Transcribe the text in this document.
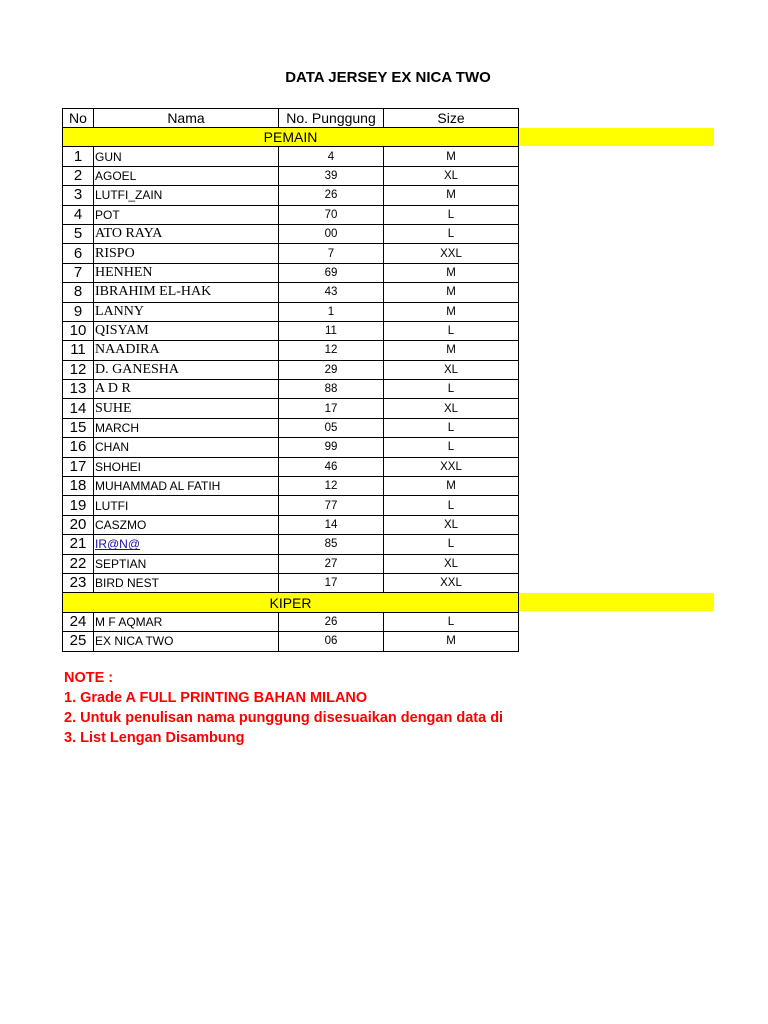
DATA JERSEY EX NICA TWO
No	Nama	No. Punggung	Size
PEMAIN			
1	GUN	4	M
2	AGOEL	39	XL
3	LUTFI_ZAIN	26	M
4	POT	70	L
5	ATO RAYA	00	L
6	RISPO	7	XXL
7	HENHEN	69	M
8	IBRAHIM EL-HAK	43	M
9	LANNY	1	M
10	QISYAM	11	L
11	NAADIRA	12	M
12	D. GANESHA	29	XL
13	A D R	88	L
14	SUHE	17	XL
15	MARCH	05	L
16	CHAN	99	L
17	SHOHEI	46	XXL
18	MUHAMMAD AL FATIH	12	M
19	LUTFI	77	L
20	CASZMO	14	XL
21	IR@N@	85	L
22	SEPTIAN	27	XL
23	BIRD NEST	17	XXL
KIPER			
24	M F AQMAR	26	L
25	EX NICA TWO	06	M
NOTE :
1. Grade A FULL PRINTING BAHAN MILANO
2. Untuk penulisan nama punggung disesuaikan dengan data di
3. List Lengan Disambung
